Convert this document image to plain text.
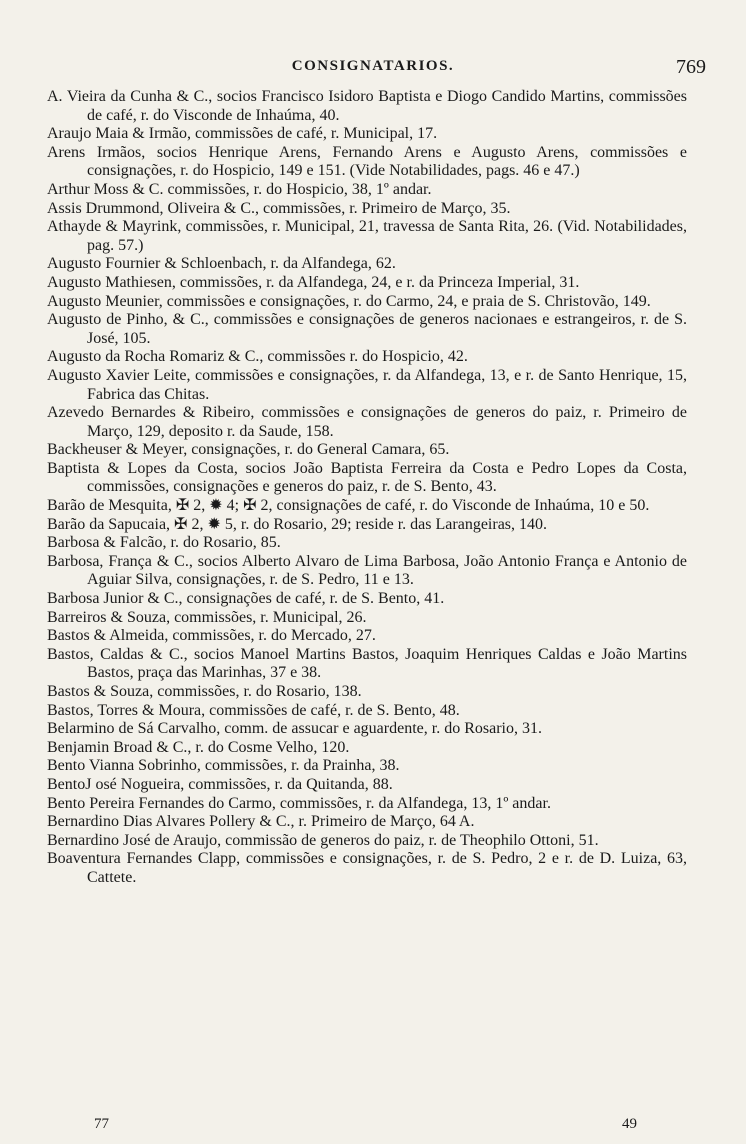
CONSIGNATARIOS.	769

A. Vieira da Cunha & C., socios Francisco Isidoro Baptista e Diogo Candido Martins, commissões de café, r. do Visconde de Inhaúma, 40.

Araujo Maia & Irmão, commissões de café, r. Municipal, 17.

Arens Irmãos, socios Henrique Arens, Fernando Arens e Augusto Arens, commissões e consignações, r. do Hospicio, 149 e 151. (Vide Notabilidades, pags. 46 e 47.)

Arthur Moss & C. commissões, r. do Hospicio, 38, 1º andar.

Assis Drummond, Oliveira & C., commissões, r. Primeiro de Março, 35.

Athayde & Mayrink, commissões, r. Municipal, 21, travessa de Santa Rita, 26. (Vid. Notabilidades, pag. 57.)

Augusto Fournier & Schloenbach, r. da Alfandega, 62.

Augusto Mathiesen, commissões, r. da Alfandega, 24, e r. da Princeza Imperial, 31.

Augusto Meunier, commissões e consignações, r. do Carmo, 24, e praia de S. Christovão, 149.

Augusto de Pinho, & C., commissões e consignações de generos nacionaes e estrangeiros, r. de S. José, 105.

Augusto da Rocha Romariz & C., commissões r. do Hospicio, 42.

Augusto Xavier Leite, commissões e consignações, r. da Alfandega, 13, e r. de Santo Henrique, 15, Fabrica das Chitas.

Azevedo Bernardes & Ribeiro, commissões e consignações de generos do paiz, r. Primeiro de Março, 129, deposito r. da Saude, 158.

Backheuser & Meyer, consignações, r. do General Camara, 65.

Baptista & Lopes da Costa, socios João Baptista Ferreira da Costa e Pedro Lopes da Costa, commissões, consignações e generos do paiz, r. de S. Bento, 43.

Barão de Mesquita, ✠ 2, ✹ 4; ✠ 2, consignações de café, r. do Visconde de Inhaúma, 10 e 50.

Barão da Sapucaia, ✠ 2, ✹ 5, r. do Rosario, 29; reside r. das Larangeiras, 140.

Barbosa & Falcão, r. do Rosario, 85.

Barbosa, França & C., socios Alberto Alvaro de Lima Barbosa, João Antonio França e Antonio de Aguiar Silva, consignações, r. de S. Pedro, 11 e 13.

Barbosa Junior & C., consignações de café, r. de S. Bento, 41.

Barreiros & Souza, commissões, r. Municipal, 26.

Bastos & Almeida, commissões, r. do Mercado, 27.

Bastos, Caldas & C., socios Manoel Martins Bastos, Joaquim Henriques Caldas e João Martins Bastos, praça das Marinhas, 37 e 38.

Bastos & Souza, commissões, r. do Rosario, 138.

Bastos, Torres & Moura, commissões de café, r. de S. Bento, 48.

Belarmino de Sá Carvalho, comm. de assucar e aguardente, r. do Rosario, 31.

Benjamin Broad & C., r. do Cosme Velho, 120.

Bento Vianna Sobrinho, commissões, r. da Prainha, 38.

BentoJ osé Nogueira, commissões, r. da Quitanda, 88.

Bento Pereira Fernandes do Carmo, commissões, r. da Alfandega, 13, 1º andar.

Bernardino Dias Alvares Pollery & C., r. Primeiro de Março, 64 A.

Bernardino José de Araujo, commissão de generos do paiz, r. de Theophilo Ottoni, 51.

Boaventura Fernandes Clapp, commissões e consignações, r. de S. Pedro, 2 e r. de D. Luiza, 63, Cattete.

77	49
